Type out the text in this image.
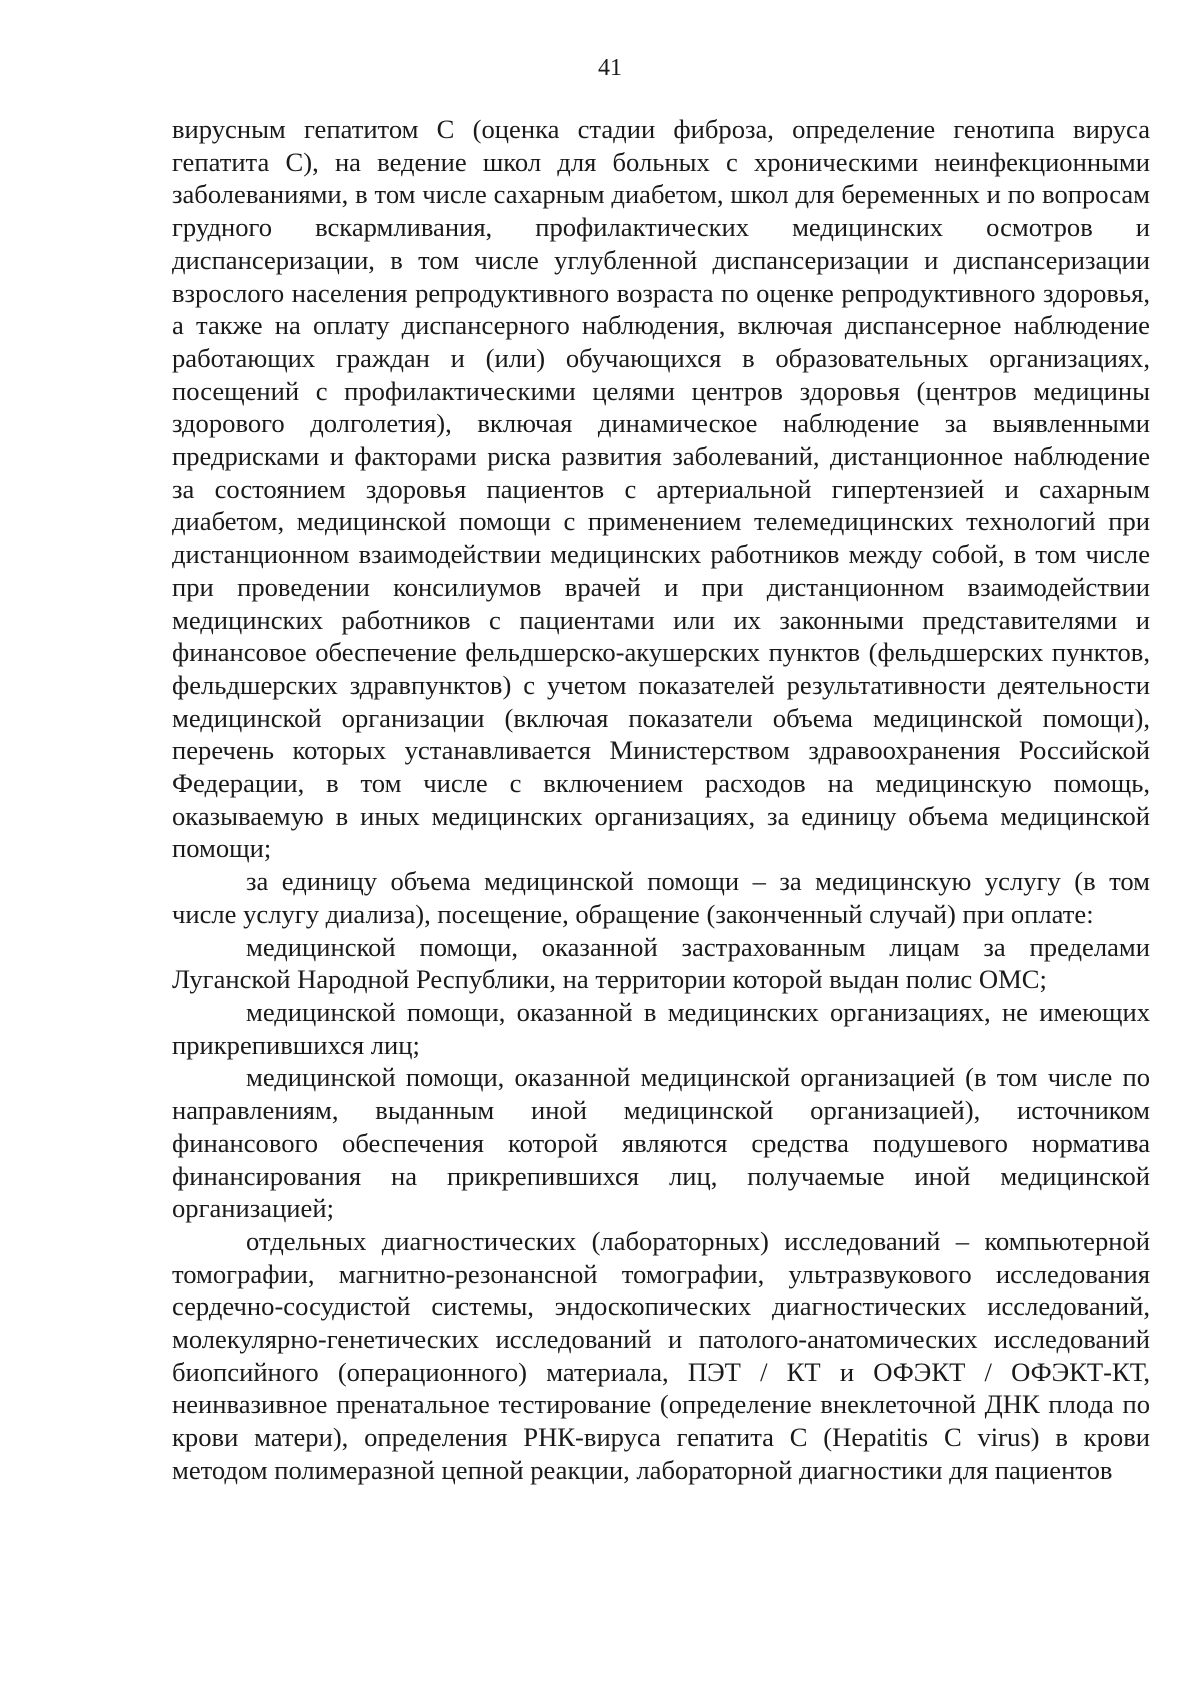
41

вирусным гепатитом С (оценка стадии фиброза, определение генотипа вируса гепатита С), на ведение школ для больных с хроническими неинфекционными заболеваниями, в том числе сахарным диабетом, школ для беременных и по вопросам грудного вскармливания, профилактических медицинских осмотров и диспансеризации, в том числе углубленной диспансеризации и диспансеризации взрослого населения репродуктивного возраста по оценке репродуктивного здоровья, а также на оплату диспансерного наблюдения, включая диспансерное наблюдение работающих граждан и (или) обучающихся в образовательных организациях, посещений с профилактическими целями центров здоровья (центров медицины здорового долголетия), включая динамическое наблюдение за выявленными предрисками и факторами риска развития заболеваний, дистанционное наблюдение за состоянием здоровья пациентов с артериальной гипертензией и сахарным диабетом, медицинской помощи с применением телемедицинских технологий при дистанционном взаимодействии медицинских работников между собой, в том числе при проведении консилиумов врачей и при дистанционном взаимодействии медицинских работников с пациентами или их законными представителями и финансовое обеспечение фельдшерско-акушерских пунктов (фельдшерских пунктов, фельдшерских здравпунктов) с учетом показателей результативности деятельности медицинской организации (включая показатели объема медицинской помощи), перечень которых устанавливается Министерством здравоохранения Российской Федерации, в том числе с включением расходов на медицинскую помощь, оказываемую в иных медицинских организациях, за единицу объема медицинской помощи;

за единицу объема медицинской помощи – за медицинскую услугу (в том числе услугу диализа), посещение, обращение (законченный случай) при оплате:

медицинской помощи, оказанной застрахованным лицам за пределами Луганской Народной Республики, на территории которой выдан полис ОМС;

медицинской помощи, оказанной в медицинских организациях, не имеющих прикрепившихся лиц;

медицинской помощи, оказанной медицинской организацией (в том числе по направлениям, выданным иной медицинской организацией), источником финансового обеспечения которой являются средства подушевого норматива финансирования на прикрепившихся лиц, получаемые иной медицинской организацией;

отдельных диагностических (лабораторных) исследований – компьютерной томографии, магнитно-резонансной томографии, ультразвукового исследования сердечно-сосудистой системы, эндоскопических диагностических исследований, молекулярно-генетических исследований и патолого-анатомических исследований биопсийного (операционного) материала, ПЭТ / КТ и ОФЭКТ / ОФЭКТ-КТ, неинвазивное пренатальное тестирование (определение внеклеточной ДНК плода по крови матери), определения РНК-вируса гепатита С (Hepatitis C virus) в крови методом полимеразной цепной реакции, лабораторной диагностики для пациентов
